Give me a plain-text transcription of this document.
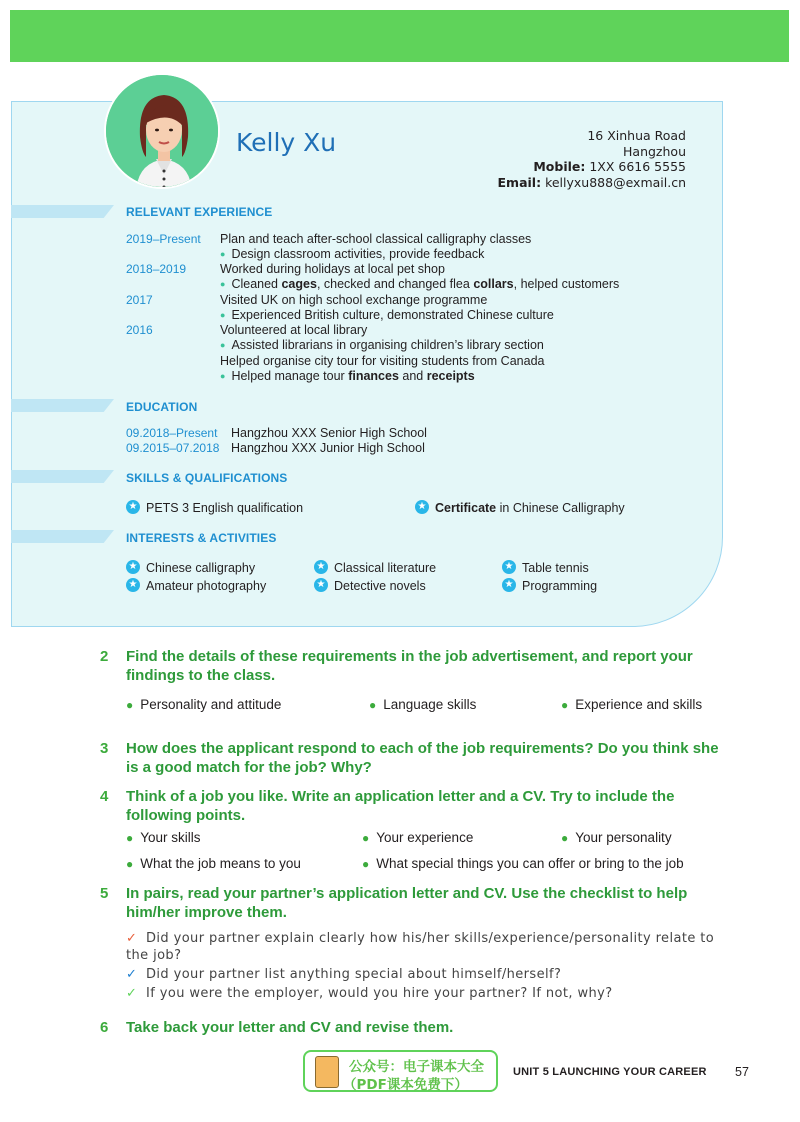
Kelly Xu	16 Xinhua Road
Hangzhou
Mobile: 1XX 6616 5555
Email: kellyxu888@exmail.cn
RELEVANT EXPERIENCE
2019–Present Plan and teach after-school classical calligraphy classes
● Design classroom activities, provide feedback
2018–2019	Worked during holidays at local pet shop
● Cleaned cages, checked and changed flea collars, helped customers
2017	Visited UK on high school exchange programme
● Experienced British culture, demonstrated Chinese culture
2016	Volunteered at local library
● Assisted librarians in organising children’s library section
Helped organise city tour for visiting students from Canada
● Helped manage tour finances and receipts
EDUCATION
09.2018–Present Hangzhou XXX Senior High School
09.2015–07.2018 Hangzhou XXX Junior High School
SKILLS & QUALIFICATIONS
★PETS 3 English qualification ★	Certificate in Chinese Calligraphy
INTERESTS & ACTIVITIES
★Chinese calligraphy ★	Classical literature ★	Table tennis
★Amateur photography ★	Detective novels ★	Programming
2 Find the details of these requirements in the job advertisement, and report your findings to the class.
● Personality and attitude	● Language skills	● Experience and skills
3 How does the applicant respond to each of the job requirements? Do you think she is a good match for the job? Why?
4 Think of a job you like. Write an application letter and a CV. Try to include the following points.
● Your skills	● Your experience	● Your personality
● What the job means to you	● What special things you can offer or bring to the job
5 In pairs, read your partner’s application letter and CV. Use the checklist to help him/her improve them.
✓ Did your partner explain clearly how his/her skills/experience/personality relate to the job?
✓ Did your partner list anything special about himself/herself?
✓ If you were the employer, would you hire your partner? If not, why?
6 Take back your letter and CV and revise them.
公众号：电子课本大全
（PDF课本免费下）
UNIT 5 LAUNCHING YOUR CAREER 57
